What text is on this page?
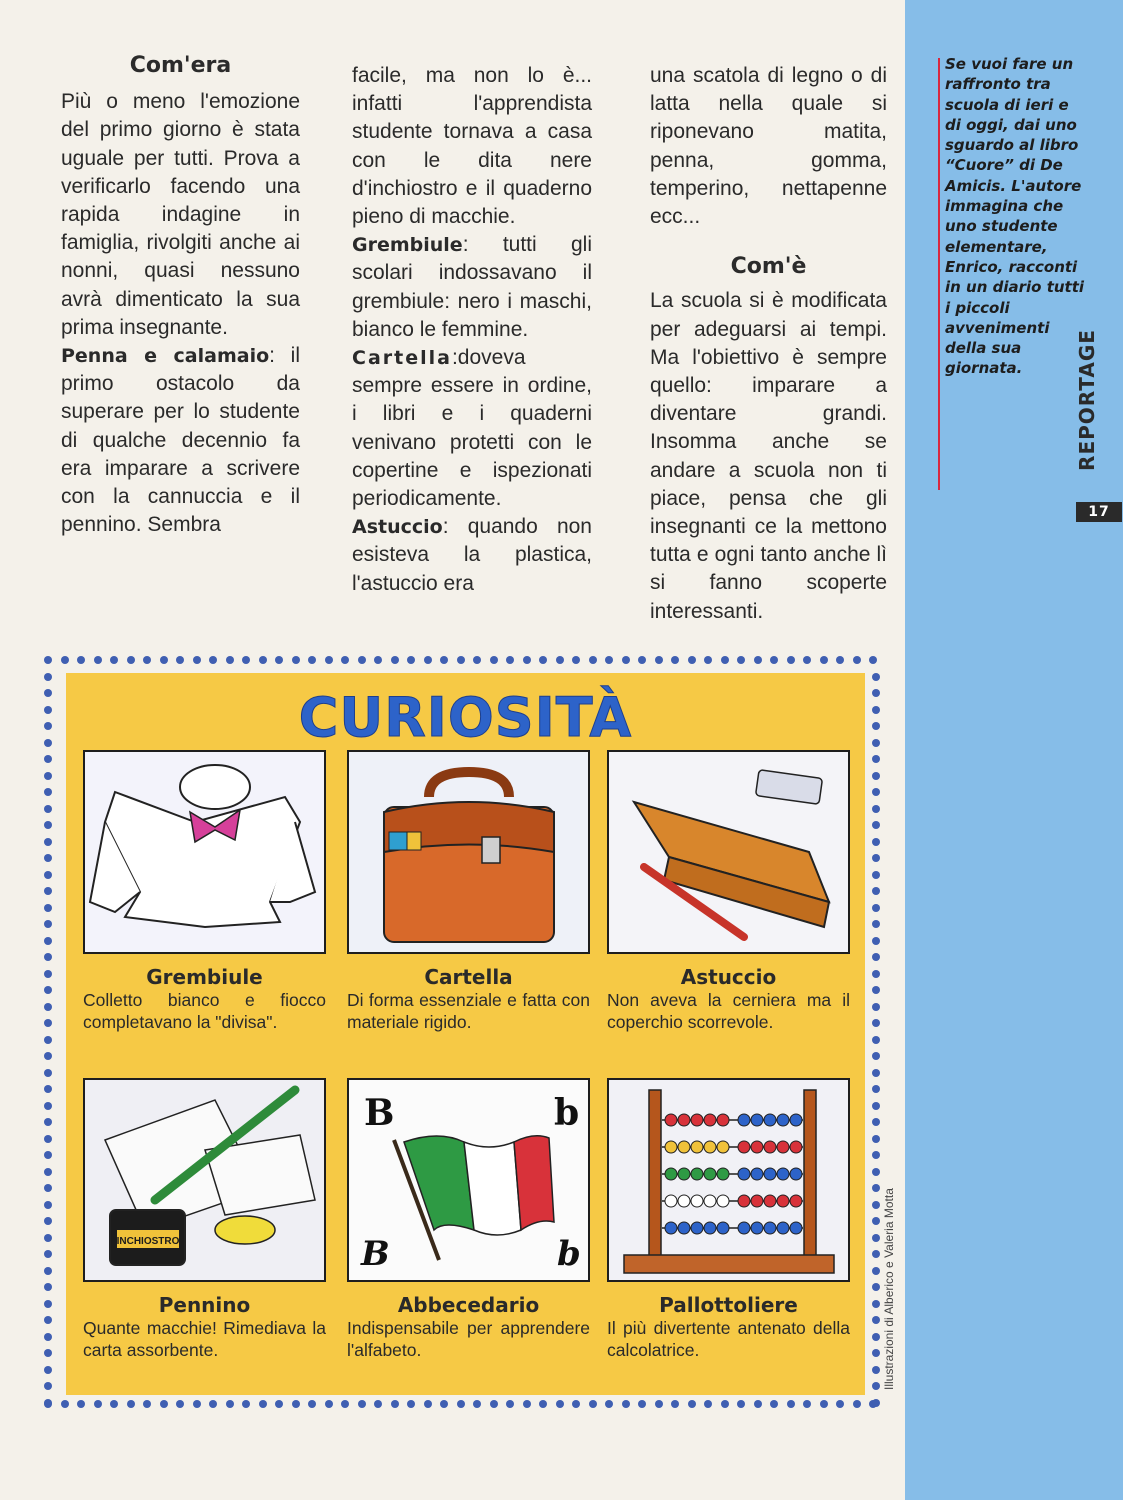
Com'era

Più o meno l'emozione del primo giorno è stata uguale per tutti. Prova a verificarlo facendo una rapida indagine in famiglia, rivolgiti anche ai nonni, quasi nessuno avrà dimenticato la sua prima insegnante.

Penna e calamaio: il primo ostacolo da superare per lo studente di qualche decennio fa era imparare a scrivere con la cannuccia e il pennino. Sembra

facile, ma non lo è... infatti l'apprendista studente tornava a casa con le dita nere d'inchiostro e il quaderno pieno di macchie.

Grembiule: tutti gli scolari indossavano il grembiule: nero i maschi, bianco le femmine.

Cartella:doveva sempre essere in ordine, i libri e i quaderni venivano protetti con le copertine e ispezionati periodicamente.

Astuccio: quando non esisteva la plastica, l'astuccio era

una scatola di legno o di latta nella quale si riponevano matita, penna, gomma, temperino, nettapenne ecc...

Com'è

La scuola si è modificata per adeguarsi ai tempi. Ma l'obiettivo è sempre quello: imparare a diventare grandi. Insomma anche se andare a scuola non ti piace, pensa che gli insegnanti ce la mettono tutta e ogni tanto anche lì si fanno scoperte interessanti.

Se vuoi fare un raffronto tra scuola di ieri e di oggi, dai uno sguardo al libro “Cuore” di De Amicis. L'autore immagina che uno studente elementare, Enrico, racconti in un diario tutti i piccoli avvenimenti della sua giornata.	REPORTAGE
17
CURIOSITÀ
Grembiule
Colletto bianco e fiocco completavano la "divisa".
Cartella
Di forma essenziale e fatta con materiale rigido.
Astuccio
Non aveva la cerniera ma il coperchio scorrevole.
INCHIOSTRO
Pennino
Quante macchie! Rimediava la carta assorbente.
B	b
B	b
Abbecedario
Indispensabile per apprendere l'alfabeto.
Pallottoliere
Il più divertente antenato della calcolatrice.	Illustrazioni di Alberico e Valeria Motta
